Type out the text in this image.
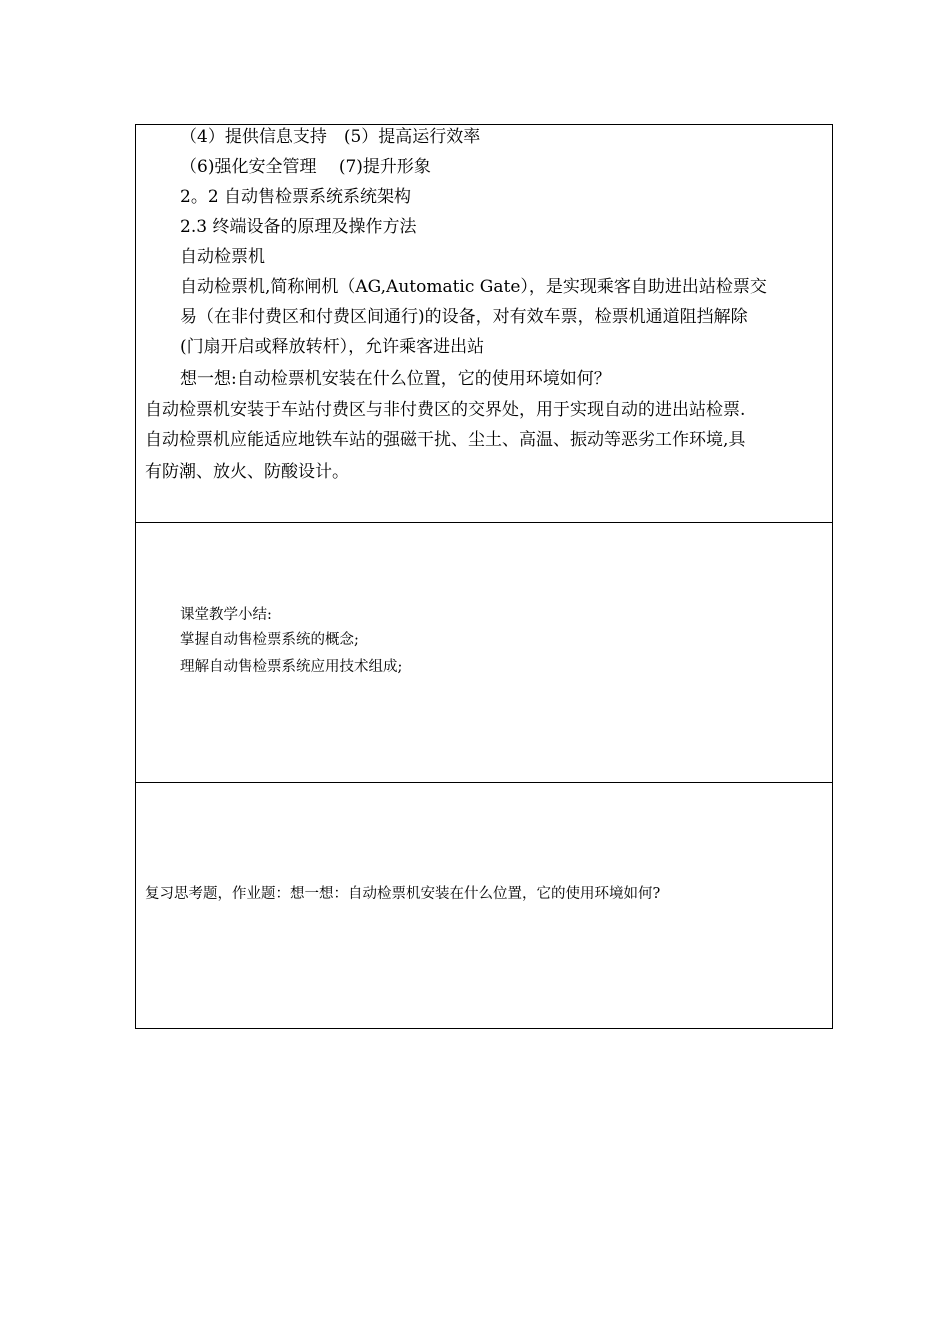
（4）提供信息支持　(5）提高运行效率
（6)强化安全管理　 (7)提升形象
2。2 自动售检票系统系统架构
2.3 终端设备的原理及操作方法
自动检票机
自动检票机,简称闸机（AG,Automatic Gate），是实现乘客自助进出站检票交
易（在非付费区和付费区间通行)的设备，对有效车票，检票机通道阻挡解除
(门扇开启或释放转杆），允许乘客进出站
想一想:自动检票机安装在什么位置，它的使用环境如何？
自动检票机安装于车站付费区与非付费区的交界处，用于实现自动的进出站检票.
自动检票机应能适应地铁车站的强磁干扰、尘土、高温、振动等恶劣工作环境,具
有防潮、放火、防酸设计。
课堂教学小结:
掌握自动售检票系统的概念;
理解自动售检票系统应用技术组成;
复习思考题，作业题：想一想：自动检票机安装在什么位置，它的使用环境如何?
